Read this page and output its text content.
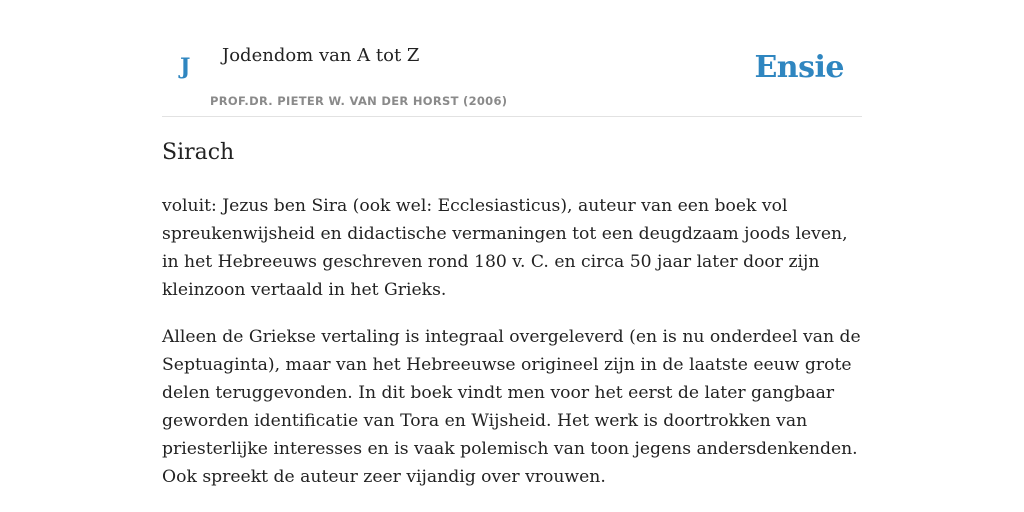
J Jodendom van A tot Z
PROF.DR. PIETER W. VAN DER HORST (2006)
Ensie
Sirach

voluit: Jezus ben Sira (ook wel: Ecclesiasticus), auteur van een boek vol spreukenwijsheid en didactische vermaningen tot een deugdzaam joods leven, in het Hebreeuws geschreven rond 180 v. C. en circa 50 jaar later door zijn kleinzoon vertaald in het Grieks.

Alleen de Griekse vertaling is integraal overgeleverd (en is nu onderdeel van de Septuaginta), maar van het Hebreeuwse origineel zijn in de laatste eeuw grote delen teruggevonden. In dit boek vindt men voor het eerst de later gangbaar geworden identificatie van Tora en Wijsheid. Het werk is doortrokken van priesterlijke interesses en is vaak polemisch van toon jegens andersdenkenden. Ook spreekt de auteur zeer vijandig over vrouwen.
